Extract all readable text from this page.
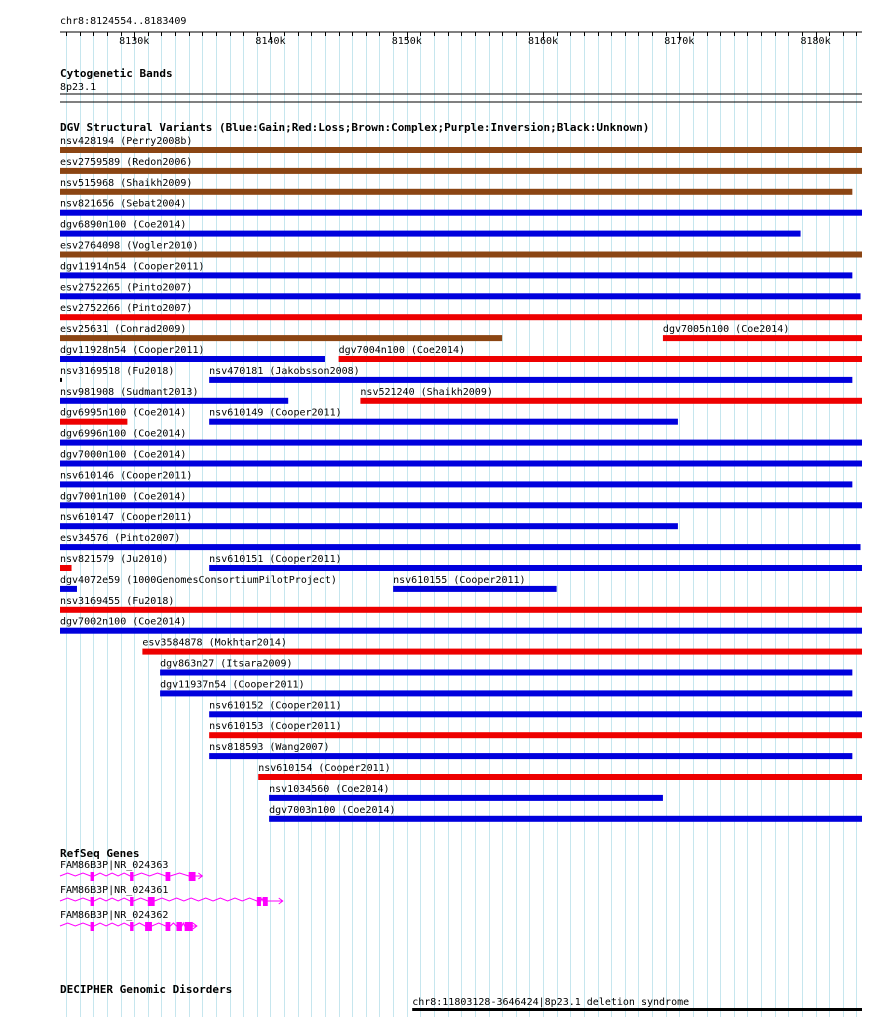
chr8:8124554..8183409
8130k	8140k	8150k	8160k	8170k	8180k
Cytogenetic Bands
8p23.1
DGV Structural Variants (Blue:Gain;Red:Loss;Brown:Complex;Purple:Inversion;Black:Unknown)
nsv428194 (Perry2008b)
esv2759589 (Redon2006)
nsv515968 (Shaikh2009)
nsv821656 (Sebat2004)
dgv6890n100 (Coe2014)
esv2764098 (Vogler2010)
dgv11914n54 (Cooper2011)
esv2752265 (Pinto2007)
esv2752266 (Pinto2007)
esv25631 (Conrad2009)	dgv7005n100 (Coe2014)
dgv11928n54 (Cooper2011)	dgv7004n100 (Coe2014)
nsv3169518 (Fu2018)	nsv470181 (Jakobsson2008)
nsv981908 (Sudmant2013)	nsv521240 (Shaikh2009)
dgv6995n100 (Coe2014) nsv610149 (Cooper2011)
dgv6996n100 (Coe2014)
dgv7000n100 (Coe2014)
nsv610146 (Cooper2011)
dgv7001n100 (Coe2014)
nsv610147 (Cooper2011)
esv34576 (Pinto2007)
nsv821579 (Ju2010)	nsv610151 (Cooper2011)
dgv4072e59 (1000GenomesConsortiumPilotProject)	nsv610155 (Cooper2011)
nsv3169455 (Fu2018)
dgv7002n100 (Coe2014)
esv3584878 (Mokhtar2014)
dgv863n27 (Itsara2009)
dgv11937n54 (Cooper2011)
nsv610152 (Cooper2011)
nsv610153 (Cooper2011)
nsv818593 (Wang2007)
nsv610154 (Cooper2011)
nsv1034560 (Coe2014)
dgv7003n100 (Coe2014)
RefSeq Genes
FAM86B3P|NR_024363
FAM86B3P|NR_024361
FAM86B3P|NR_024362
DECIPHER Genomic Disorders
chr8:11803128-3646424|8p23.1 deletion syndrome
